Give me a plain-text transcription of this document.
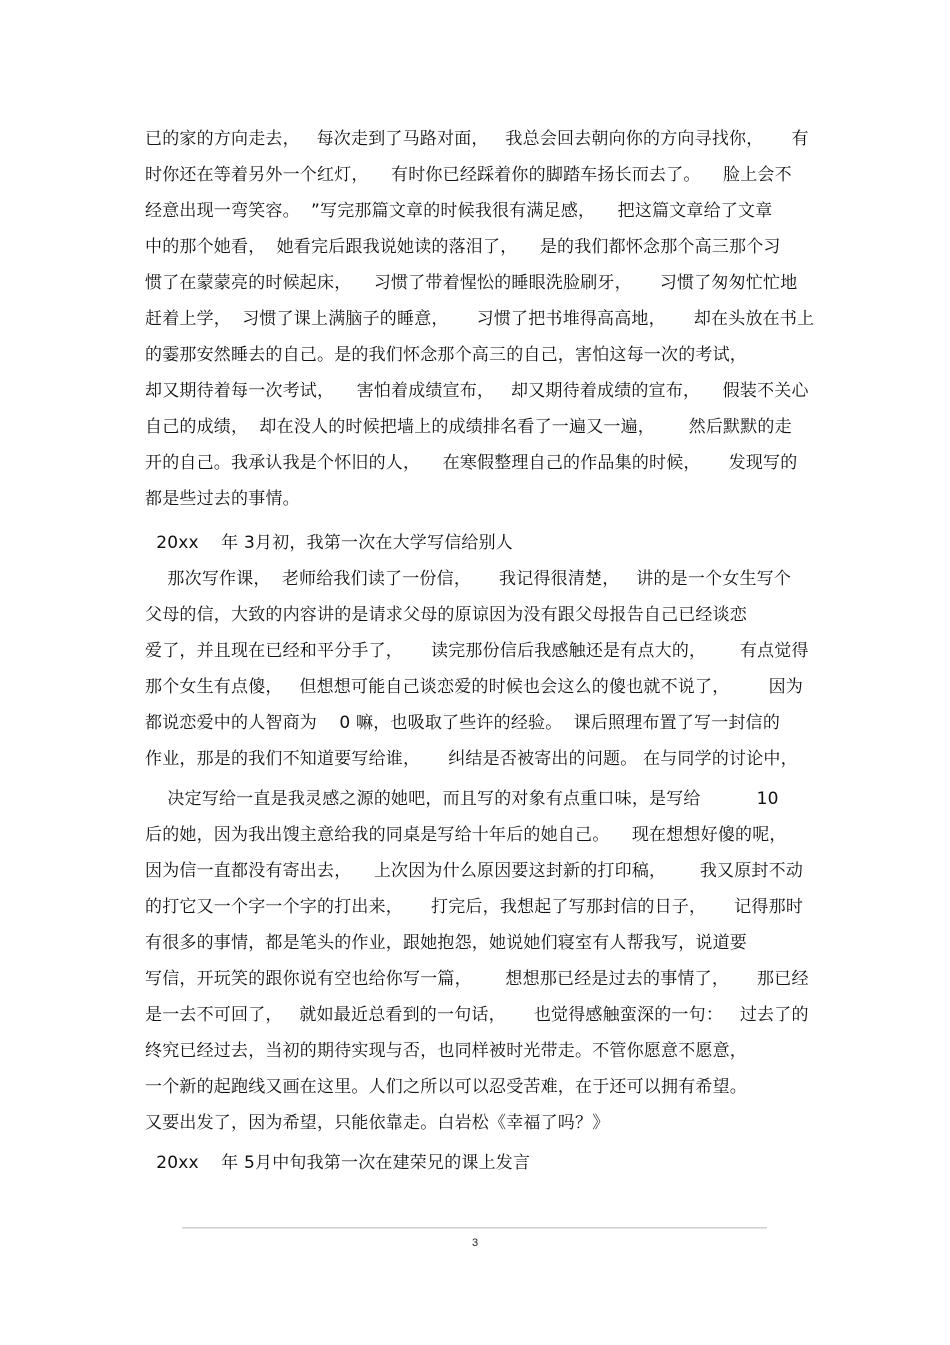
已的家的方向走去，   每次走到了马路对面，   我总会回去朝向你的方向寻找你，     有
时你还在等着另外一个红灯，    有时你已经踩着你的脚踏车扬长而去了。    脸上会不
经意出现一弯笑容。  ”写完那篇文章的时候我很有满足感，    把这篇文章给了文章
中的那个她看，  她看完后跟我说她读的落泪了，    是的我们都怀念那个高三那个习
惯了在蒙蒙亮的时候起床，    习惯了带着惺忪的睡眼洗脸刷牙，     习惯了匆匆忙忙地
赶着上学，  习惯了课上满脑子的睡意，     习惯了把书堆得高高地，     却在头放在书上
的霎那安然睡去的自己。是的我们怀念那个高三的自己，害怕这每一次的考试，
却又期待着每一次考试，    害怕着成绩宣布，   却又期待着成绩的宣布，    假装不关心
自己的成绩，  却在没人的时候把墙上的成绩排名看了一遍又一遍，      然后默默的走
开的自己。我承认我是个怀旧的人，    在寒假整理自己的作品集的时候，     发现写的
都是些过去的事情。
20xx    年 3月初，我第一次在大学写信给别人
那次写作课，  老师给我们读了一份信，     我记得很清楚，   讲的是一个女生写个
父母的信，大致的内容讲的是请求父母的原谅因为没有跟父母报告自己已经谈恋
爱了，并且现在已经和平分手了，     读完那份信后我感触还是有点大的，      有点觉得
那个女生有点傻，   但想想可能自己谈恋爱的时候也会这么的傻也就不说了，       因为
都说恋爱中的人智商为    0 嘛，也吸取了些许的经验。  课后照理布置了写一封信的
作业，那是的我们不知道要写给谁，     纠结是否被寄出的问题。 在与同学的讨论中，
决定写给一直是我灵感之源的她吧，而且写的对象有点重口味，是写给          10
后的她，因为我出馊主意给我的同桌是写给十年后的她自己。    现在想想好傻的呢，
因为信一直都没有寄出去，    上次因为什么原因要这封新的打印稿，      我又原封不动
的打它又一个字一个字的打出来，     打完后，我想起了写那封信的日子，     记得那时
有很多的事情，都是笔头的作业，跟她抱怨，她说她们寝室有人帮我写，说道要
写信，开玩笑的跟你说有空也给你写一篇，      想想那已经是过去的事情了，     那已经
是一去不可回了，   就如最近总看到的一句话，     也觉得感触蛮深的一句：   过去了的
终究已经过去，当初的期待实现与否，也同样被时光带走。不管你愿意不愿意，
一个新的起跑线又画在这里。人们之所以可以忍受苦难，在于还可以拥有希望。
又要出发了，因为希望，只能依靠走。白岩松《幸福了吗？》
20xx    年 5月中旬我第一次在建荣兄的课上发言
3
